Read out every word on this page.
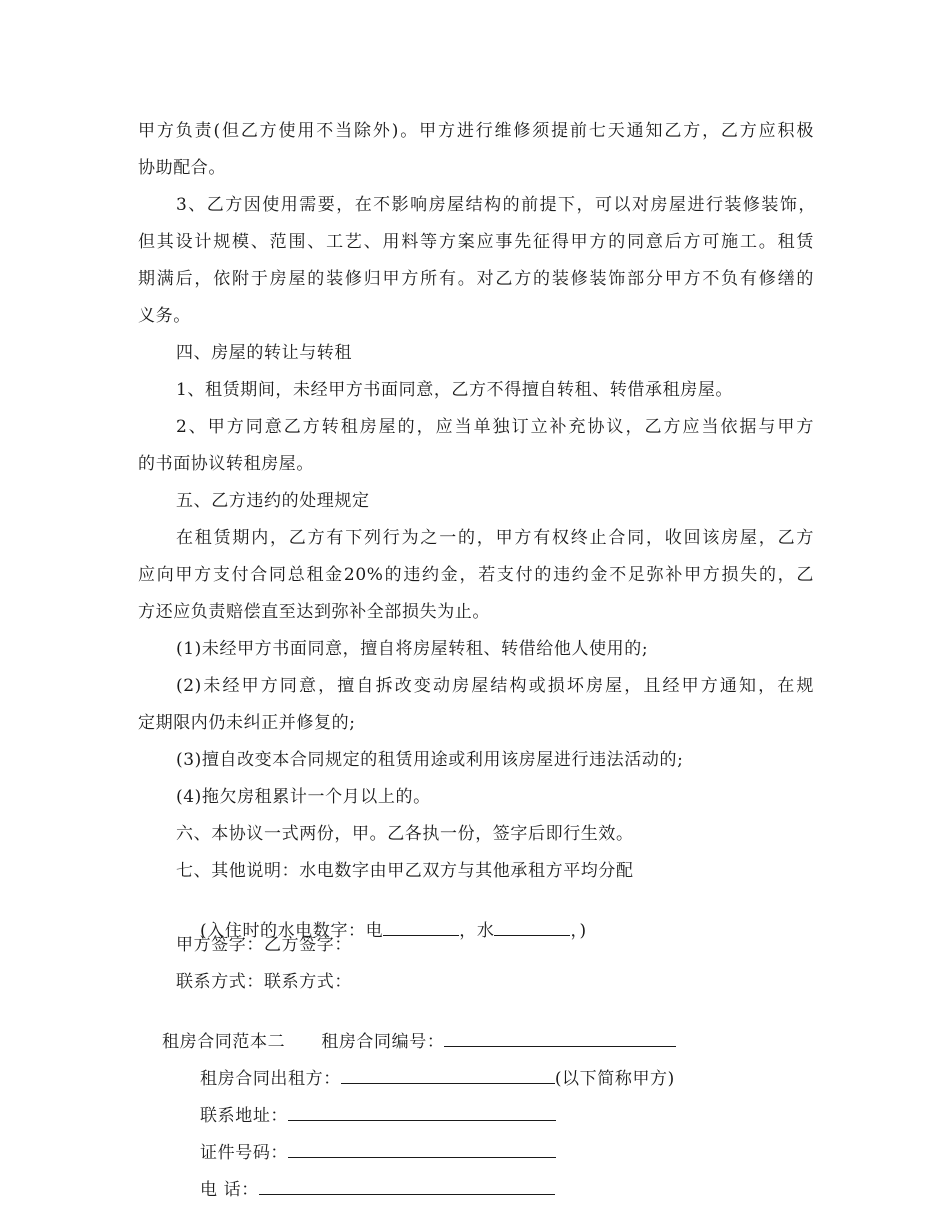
甲方负责(但乙方使用不当除外)。甲方进行维修须提前七天通知乙方，乙方应积极
协助配合。
3、乙方因使用需要，在不影响房屋结构的前提下，可以对房屋进行装修装饰，
但其设计规模、范围、工艺、用料等方案应事先征得甲方的同意后方可施工。租赁
期满后，依附于房屋的装修归甲方所有。对乙方的装修装饰部分甲方不负有修缮的
义务。
四、房屋的转让与转租
1、租赁期间，未经甲方书面同意，乙方不得擅自转租、转借承租房屋。
2、甲方同意乙方转租房屋的，应当单独订立补充协议，乙方应当依据与甲方
的书面协议转租房屋。
五、乙方违约的处理规定
在租赁期内，乙方有下列行为之一的，甲方有权终止合同，收回该房屋，乙方
应向甲方支付合同总租金20%的违约金，若支付的违约金不足弥补甲方损失的，乙
方还应负责赔偿直至达到弥补全部损失为止。
(1)未经甲方书面同意，擅自将房屋转租、转借给他人使用的;
(2)未经甲方同意，擅自拆改变动房屋结构或损坏房屋，且经甲方通知，在规
定期限内仍未纠正并修复的;
(3)擅自改变本合同规定的租赁用途或利用该房屋进行违法活动的;
(4)拖欠房租累计一个月以上的。
六、本协议一式两份，甲。乙各执一份，签字后即行生效。
七、其他说明：水电数字由甲乙双方与其他承租方平均分配

(入住时的水电数字：电	，水	，)

甲方签字：乙方签字：
联系方式：联系方式：

租房合同范本二 租房合同编号：

租房合同出租方：	(以下简称甲方)

联系地址：

证件号码：

电 话：
